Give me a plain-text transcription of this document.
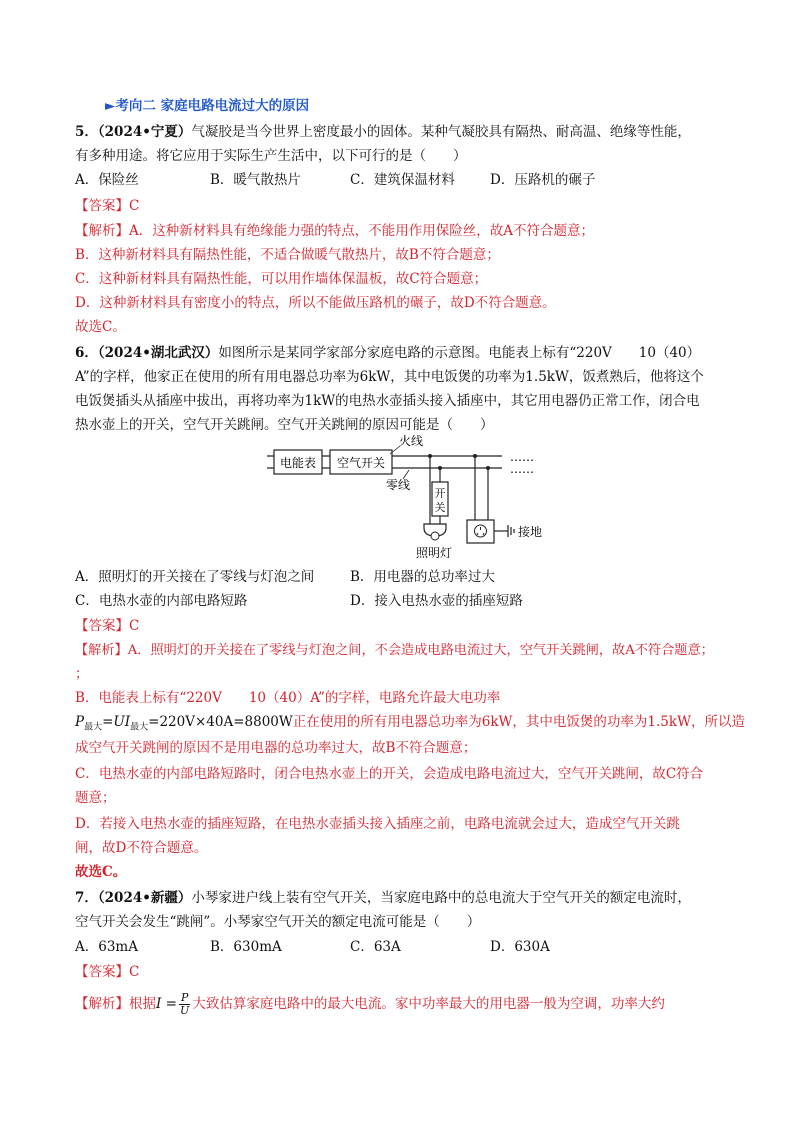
►考向二 家庭电路电流过大的原因
5．（2024•宁夏）气凝胶是当今世界上密度最小的固体。某种气凝胶具有隔热、耐高温、绝缘等性能，
有多种用途。将它应用于实际生产生活中，以下可行的是（　　）
A．保险丝	B．暖气散热片	C．建筑保温材料	D．压路机的碾子
【答案】C
【解析】A．这种新材料具有绝缘能力强的特点，不能用作用保险丝，故A不符合题意；
B．这种新材料具有隔热性能，不适合做暖气散热片，故B不符合题意；
C．这种新材料具有隔热性能，可以用作墙体保温板，故C符合题意；
D．这种新材料具有密度小的特点，所以不能做压路机的碾子，故D不符合题意。
故选C。
6．（2024•湖北武汉）如图所示是某同学家部分家庭电路的示意图。电能表上标有“220V　　10（40）
A”的字样，他家正在使用的所有用电器总功率为6kW，其中电饭煲的功率为1.5kW，饭煮熟后，他将这个
电饭煲插头从插座中拔出，再将功率为1kW的电热水壶插头接入插座中，其它用电器仍正常工作，闭合电
热水壶上的开关，空气开关跳闸。空气开关跳闸的原因可能是（　　）
电能表 空气开关
火线
……
……
零线
开
关
照明灯
接地
A．照明灯的开关接在了零线与灯泡之间	B．用电器的总功率过大
C．电热水壶的内部电路短路	D．接入电热水壶的插座短路
【答案】C
【解析】A．照明灯的开关接在了零线与灯泡之间，不会造成电路电流过大，空气开关跳闸，故A不符合题意；
；
B．电能表上标有“220V　　10（40）A”的字样，电路允许最大电功率
$P_{最大}=UI_{最大}=220V\times 40A=8800W$正在使用的所有用电器总功率为6kW，其中电饭煲的功率为1.5kW，所以造
成空气开关跳闸的原因不是用电器的总功率过大，故B不符合题意；
C．电热水壶的内部电路短路时，闭合电热水壶上的开关，会造成电路电流过大，空气开关跳闸，故C符合
题意；
D．若接入电热水壶的插座短路，在电热水壶插头接入插座之前，电路电流就会过大，造成空气开关跳
闸，故D不符合题意。
故选C。
7．（2024•新疆）小琴家进户线上装有空气开关，当家庭电路中的总电流大于空气开关的额定电流时，
空气开关会发生“跳闸”。小琴家空气开关的额定电流可能是（　　）
A．63mA	B．630mA	C．63A	D．630A
【答案】C
【解析】根据$I = \frac{P}{U}$ 大致估算家庭电路中的最大电流。家中功率最大的用电器一般为空调，功率大约
